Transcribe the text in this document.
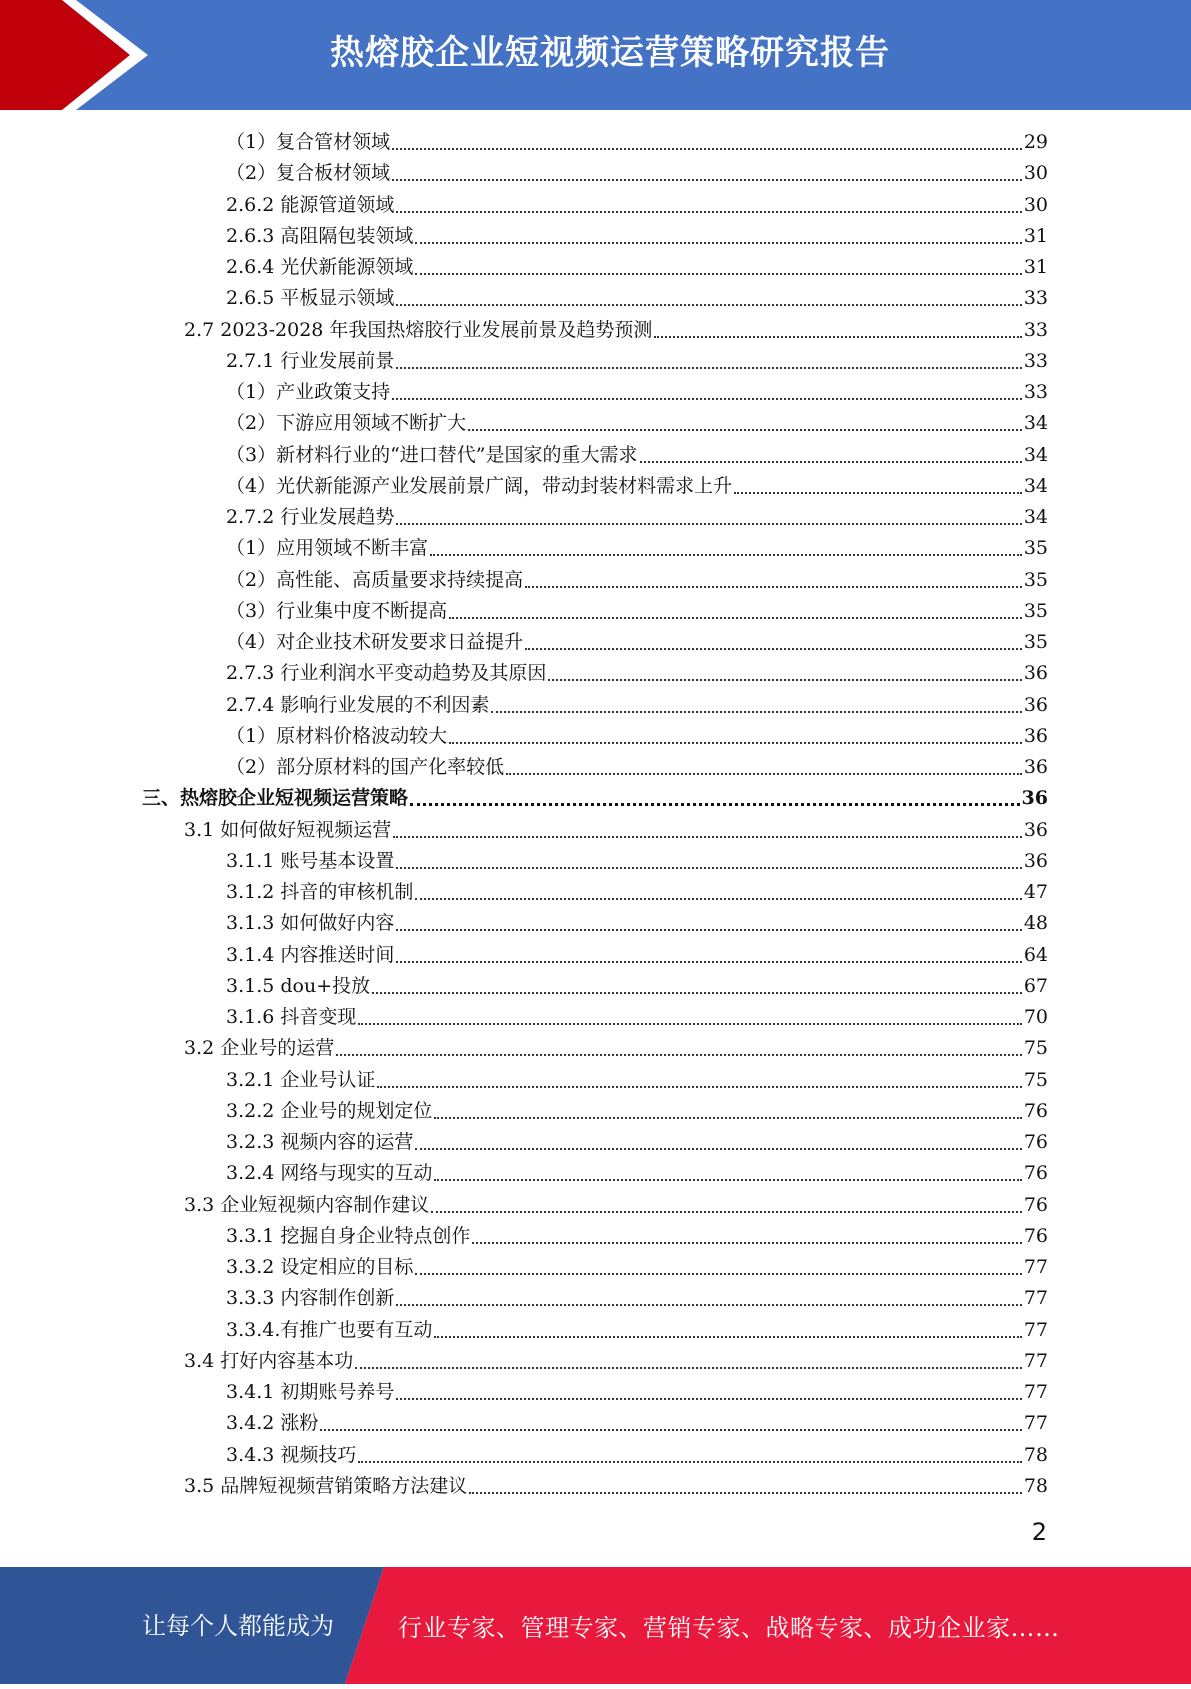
热熔胶企业短视频运营策略研究报告
（1）复合管材领域	29
（2）复合板材领域	30
2.6.2 能源管道领域	30
2.6.3 高阻隔包装领域	31
2.6.4 光伏新能源领域	31
2.6.5 平板显示领域	33
2.7 2023-2028 年我国热熔胶行业发展前景及趋势预测	33
2.7.1 行业发展前景	33
（1）产业政策支持	33
（2）下游应用领域不断扩大	34
（3）新材料行业的“进口替代”是国家的重大需求	34
（4）光伏新能源产业发展前景广阔，带动封装材料需求上升	34
2.7.2 行业发展趋势	34
（1）应用领域不断丰富	35
（2）高性能、高质量要求持续提高	35
（3）行业集中度不断提高	35
（4）对企业技术研发要求日益提升	35
2.7.3 行业利润水平变动趋势及其原因	36
2.7.4 影响行业发展的不利因素	36
（1）原材料价格波动较大	36
（2）部分原材料的国产化率较低	36
三、热熔胶企业短视频运营策略	36
3.1 如何做好短视频运营	36
3.1.1 账号基本设置	36
3.1.2 抖音的审核机制	47
3.1.3 如何做好内容	48
3.1.4 内容推送时间	64
3.1.5 dou+投放	67
3.1.6 抖音变现	70
3.2 企业号的运营	75
3.2.1 企业号认证	75
3.2.2 企业号的规划定位	76
3.2.3 视频内容的运营	76
3.2.4 网络与现实的互动	76
3.3 企业短视频内容制作建议	76
3.3.1 挖掘自身企业特点创作	76
3.3.2 设定相应的目标	77
3.3.3 内容制作创新	77
3.3.4.有推广也要有互动	77
3.4 打好内容基本功	77
3.4.1 初期账号养号	77
3.4.2 涨粉	77
3.4.3 视频技巧	78
3.5 品牌短视频营销策略方法建议	78
2
让每个人都能成为	行业专家、管理专家、营销专家、战略专家、成功企业家……
